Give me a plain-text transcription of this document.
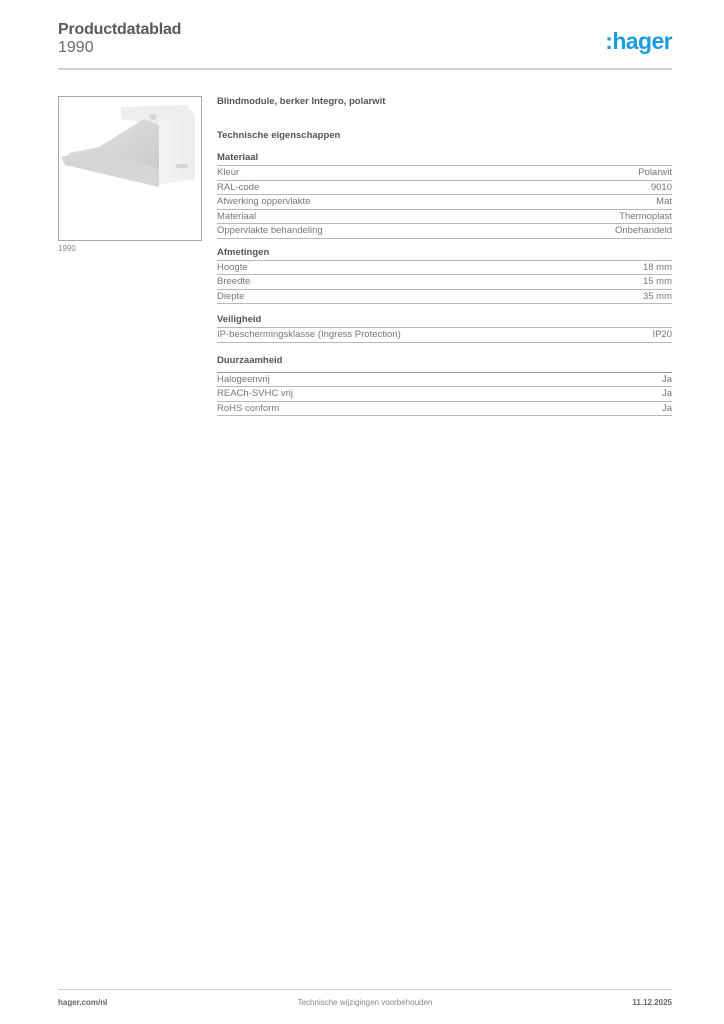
Productdatablad
1990	:hager
1990
Blindmodule, berker Integro, polarwit
Technische eigenschappen
Materiaal
Kleur	Polarwit
RAL-code	9010
Afwerking oppervlakte	Mat
Materiaal	Thermoplast
Oppervlakte behandeling	Onbehandeld
Afmetingen
Hoogte	18 mm
Breedte	15 mm
Diepte	35 mm
Veiligheid
IP-beschermingsklasse (Ingress Protection)	IP20
Duurzaamheid
Halogeenvrij	Ja
REACh-SVHC vrij	Ja
RoHS conform	Ja
hager.com/nl	Technische wijzigingen voorbehouden	11.12.2025
